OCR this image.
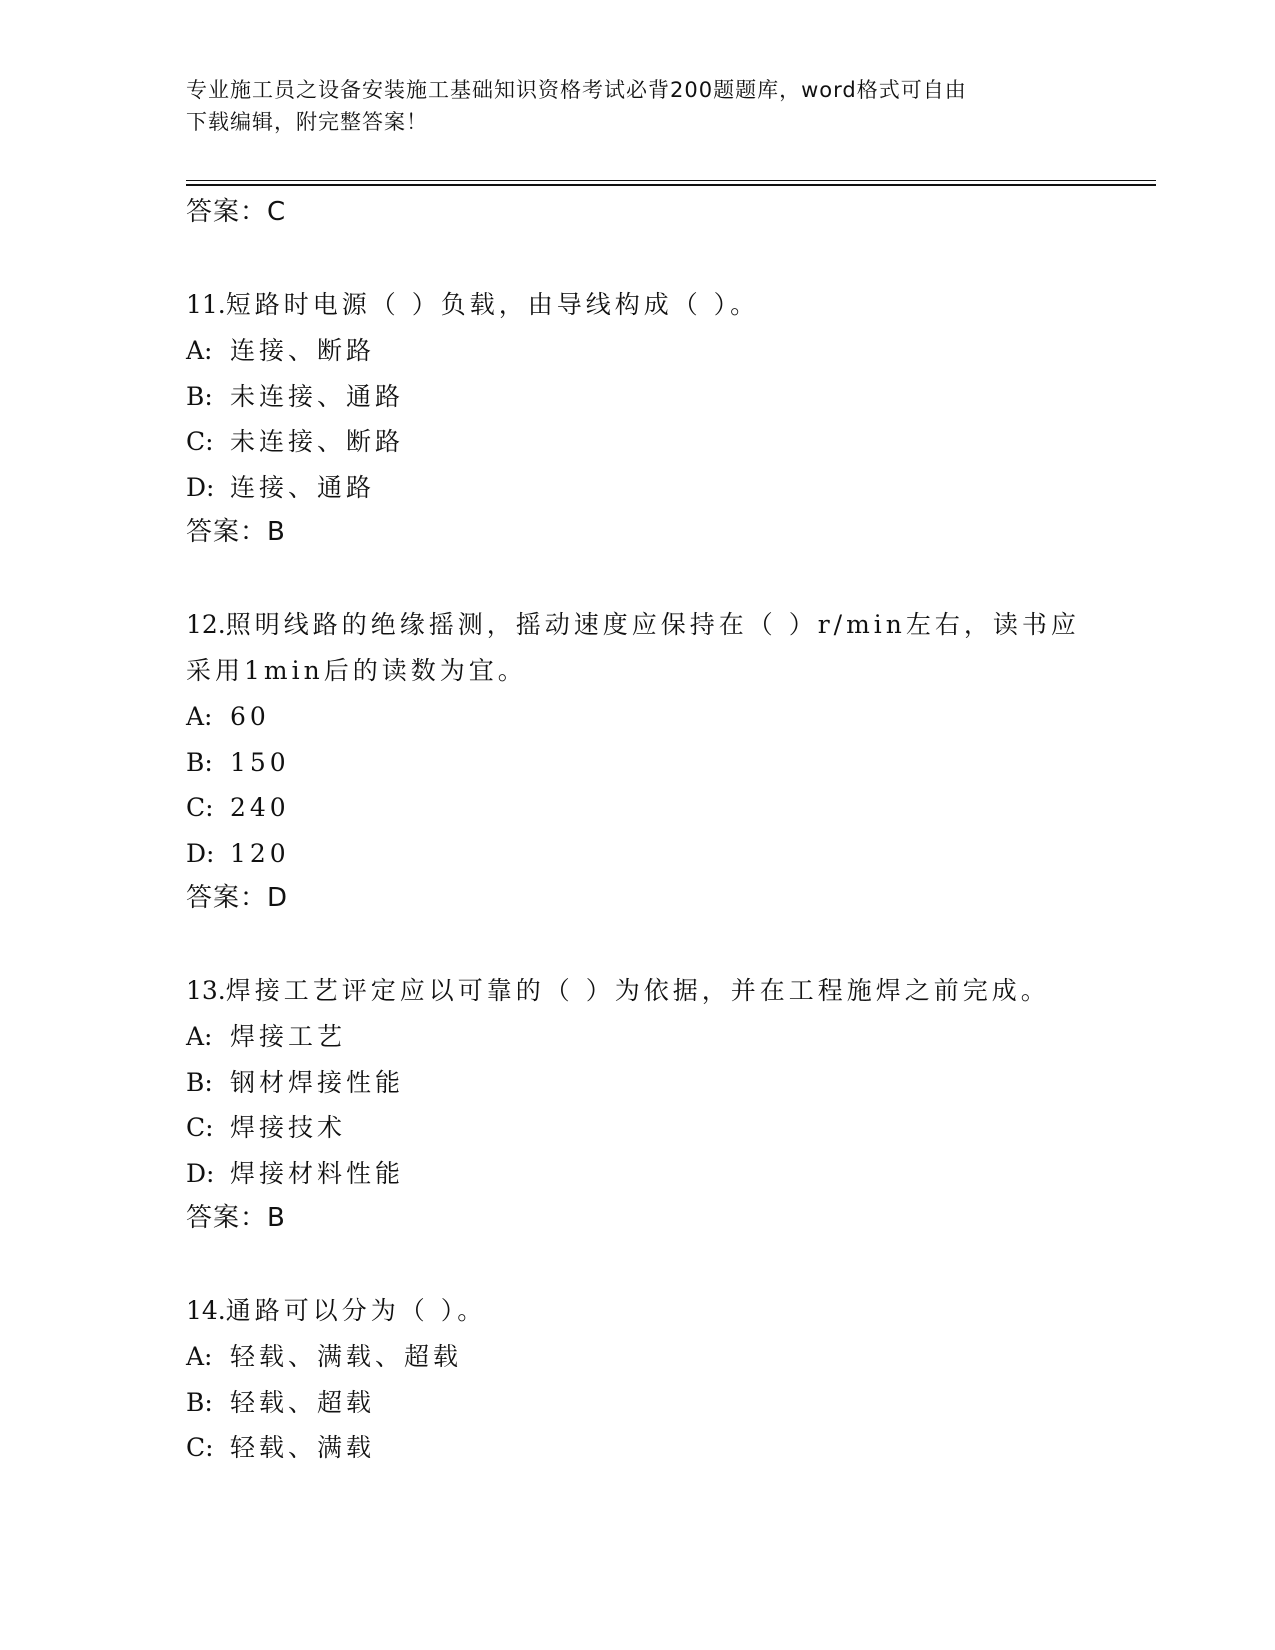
专业施工员之设备安装施工基础知识资格考试必背200题题库，word格式可自由
下载编辑，附完整答案！
答案：C
11.短路时电源（ ）负载，由导线构成（ ）。
A: 连接、断路
B: 未连接、通路
C: 未连接、断路
D: 连接、通路
答案：B
12.照明线路的绝缘摇测，摇动速度应保持在（ ）r/min左右，读书应
采用1min后的读数为宜。
A: 60
B: 150
C: 240
D: 120
答案：D
13.焊接工艺评定应以可靠的（ ）为依据，并在工程施焊之前完成。
A: 焊接工艺
B: 钢材焊接性能
C: 焊接技术
D: 焊接材料性能
答案：B
14.通路可以分为（ ）。
A: 轻载、满载、超载
B: 轻载、超载
C: 轻载、满载
